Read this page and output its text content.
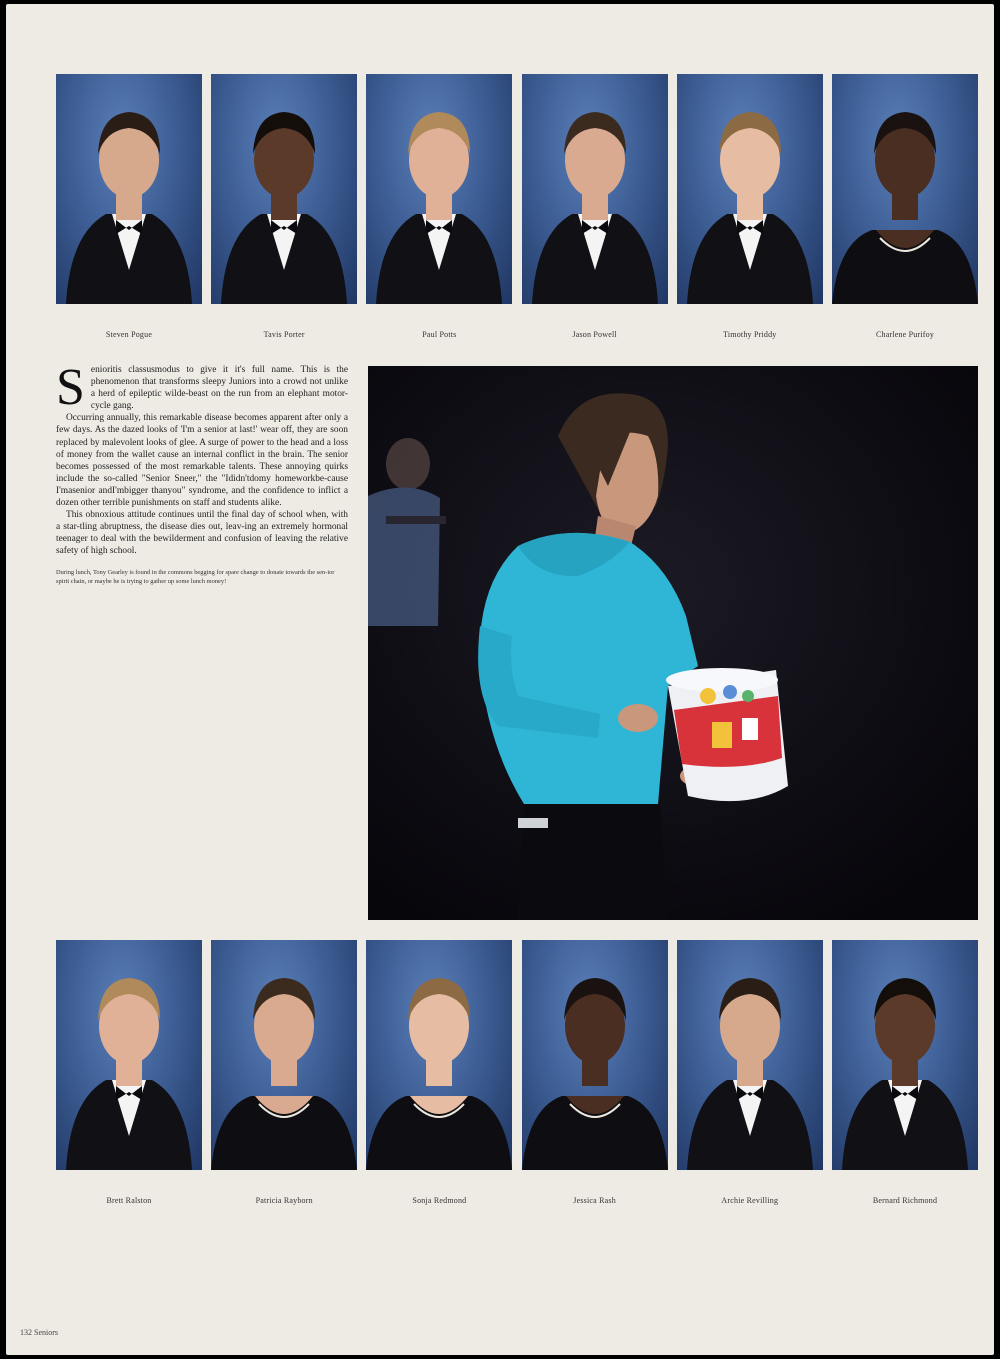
Steven Pogue	Tavis Porter	Paul Potts	Jason Powell	Timothy Priddy	Charlene Purifoy
S enioritis classusmodus to give it it's full name. This is the phenomenon that transforms sleepy Juniors into a crowd not unlike a herd of epileptic wilde-beast on the run from an elephant motor-cycle gang.

Occurring annually, this remarkable disease becomes apparent after only a few days. As the dazed looks of 'I'm a senior at last!' wear off, they are soon replaced by malevolent looks of glee. A surge of power to the head and a loss of money from the wallet cause an internal conflict in the brain. The senior becomes possessed of the most remarkable talents. These annoying quirks include the so-called "Senior Sneer," the "Ididn'tdomy homeworkbe-cause I'masenior andI'mbigger thanyou" syndrome, and the confidence to inflict a dozen other terrible punishments on staff and students alike.

This obnoxious attitude continues until the final day of school when, with a star-tling abruptness, the disease dies out, leav-ing an extremely hormonal teenager to deal with the bewilderment and confusion of leaving the relative safety of high school.

During lunch, Tony Gearley is found in the commons begging for spare change to donate towards the sen-ior spirit chain, or maybe he is trying to gather up some lunch money!
Brett Ralston	Patricia Rayborn	Sonja Redmond	Jessica Rash	Archie Revilling	Bernard Richmond
132 Seniors
